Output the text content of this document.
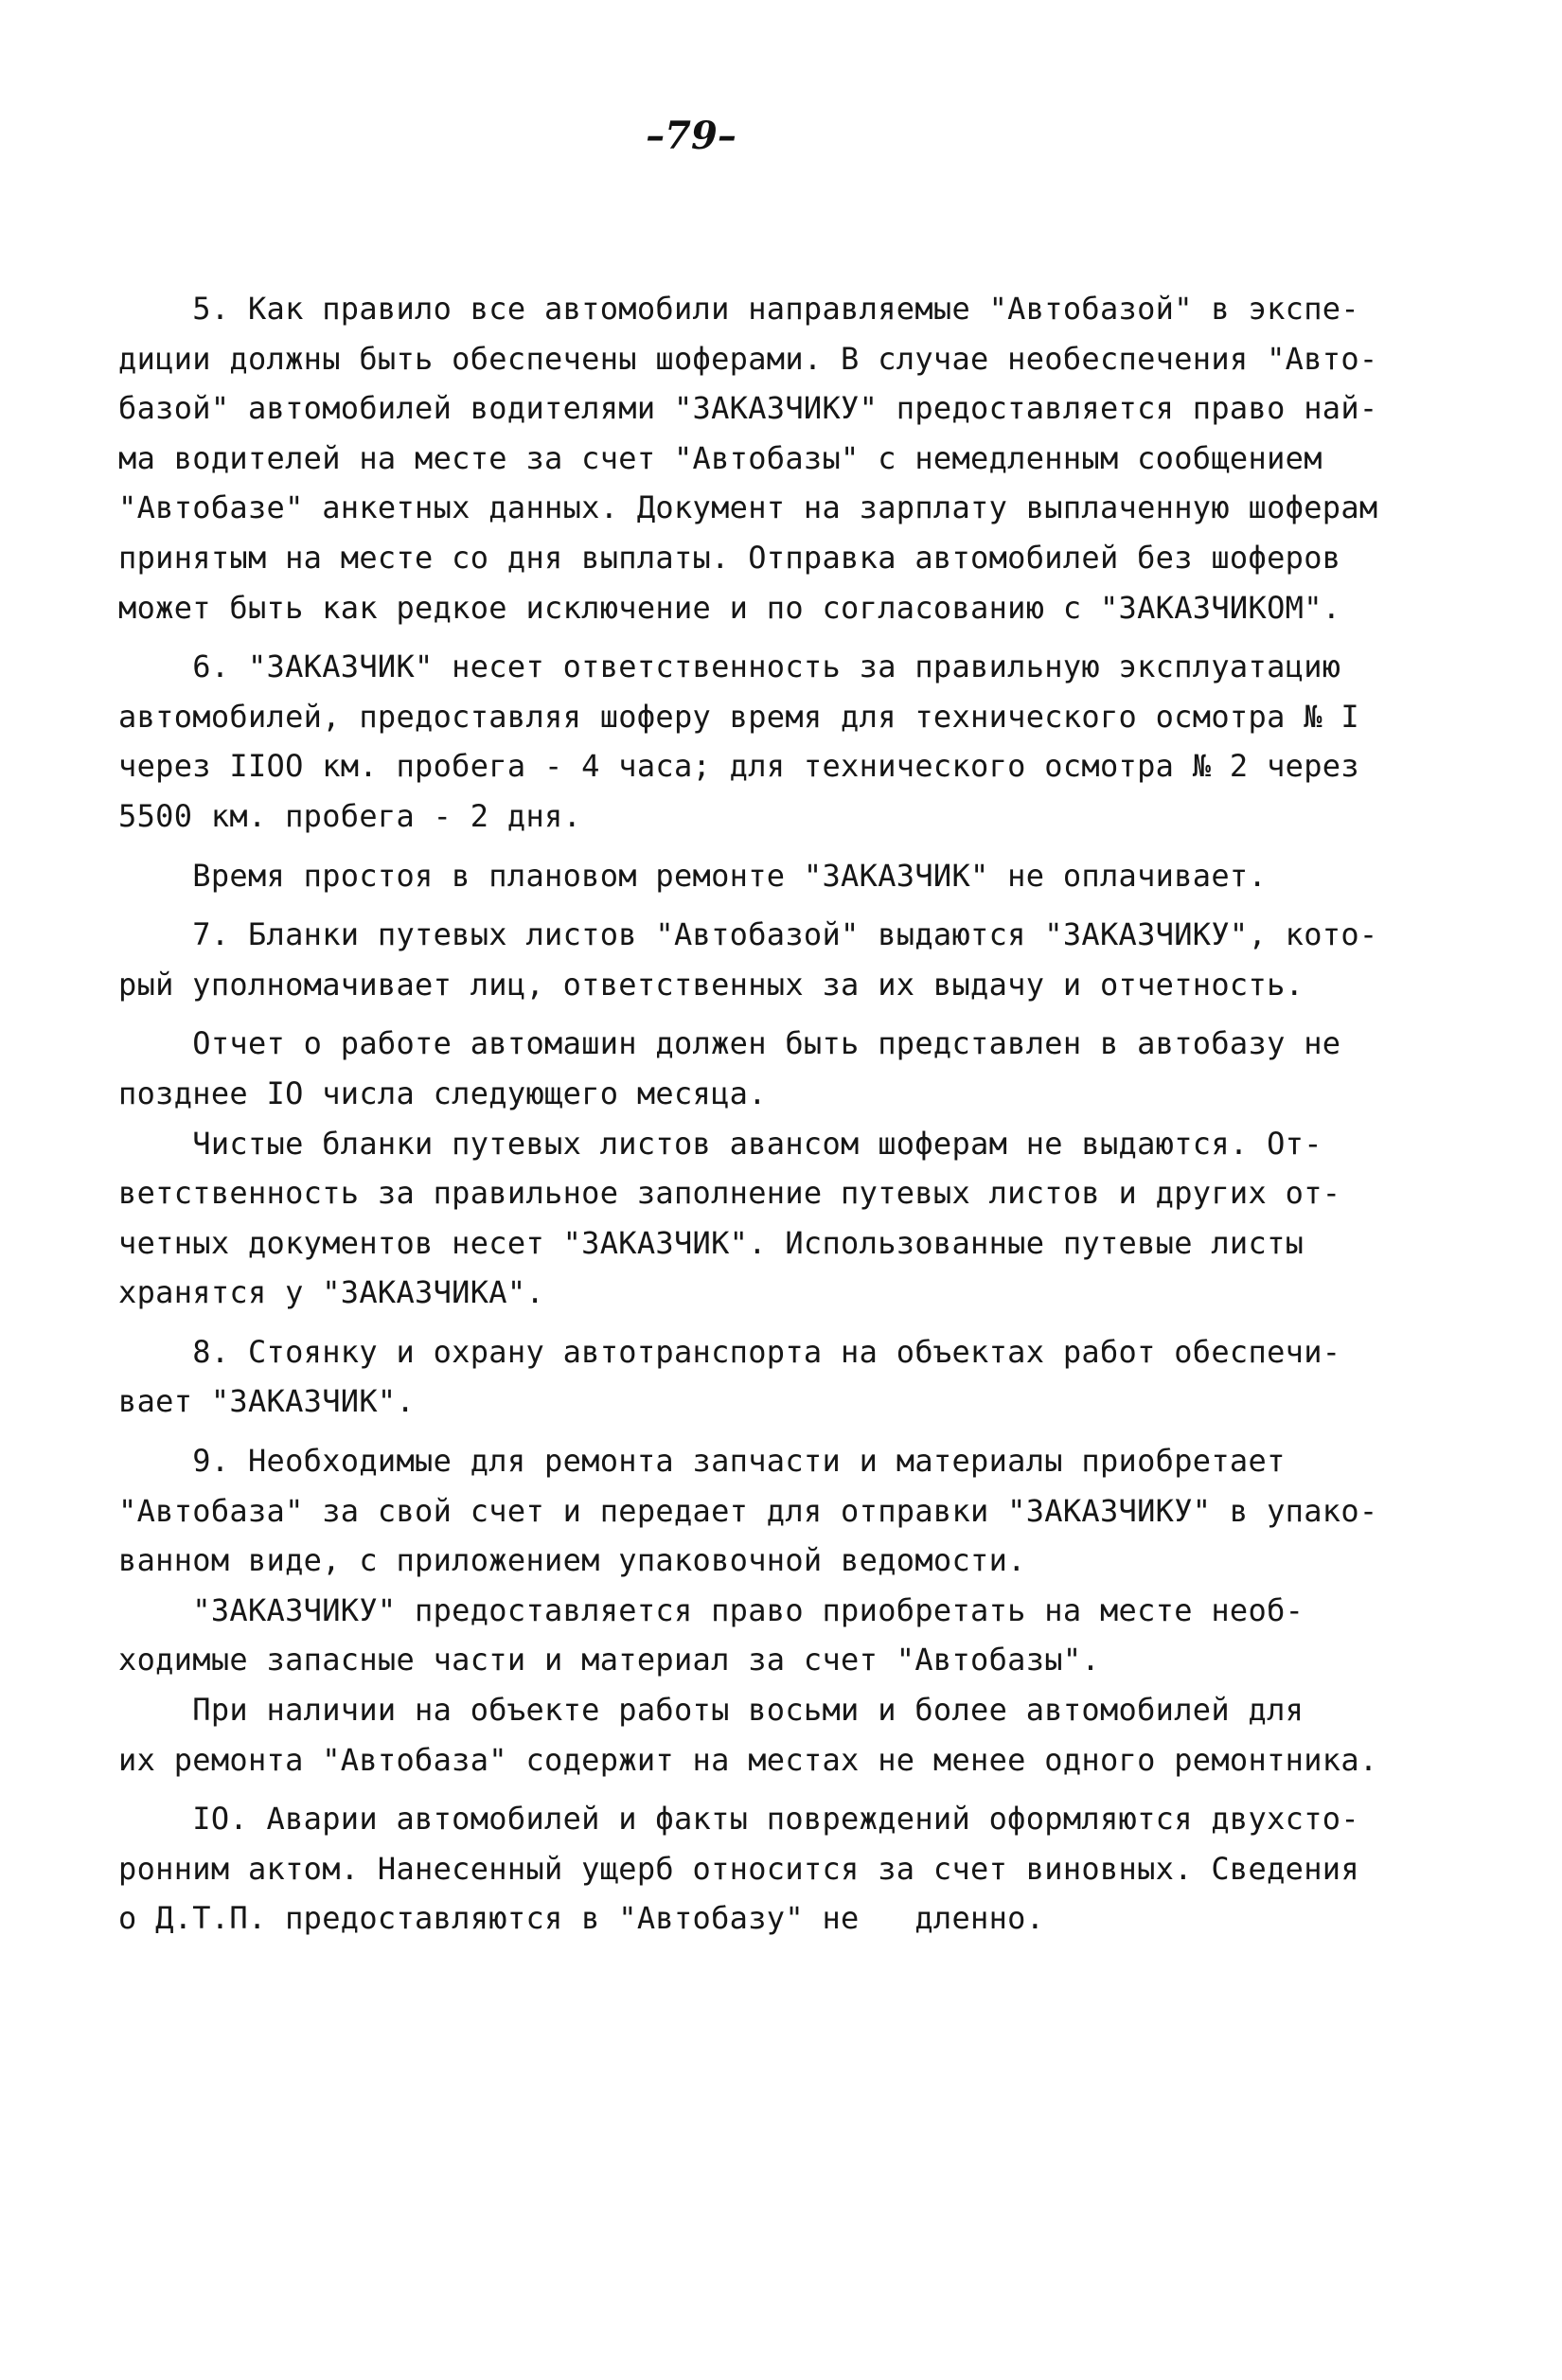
–79–
5. Как правило все автомобили направляемые "Автобазой" в экспе-
диции должны быть обеспечены шоферами. В случае необеспечения "Авто-
базой" автомобилей водителями "ЗАКАЗЧИКУ" предоставляется право най-
ма водителей на месте за счет "Автобазы" с немедленным сообщением
"Автобазе" анкетных данных. Документ на зарплату выплаченную шоферам
принятым на месте со дня выплаты. Отправка автомобилей без шоферов
может быть как редкое исключение и по согласованию с "ЗАКАЗЧИКОМ".
6. "ЗАКАЗЧИК" несет ответственность за правильную эксплуатацию
автомобилей, предоставляя шоферу время для технического осмотра № I
через IIOO км. пробега - 4 часа; для технического осмотра № 2 через
5500 км. пробега - 2 дня.
Время простоя в плановом ремонте "ЗАКАЗЧИК" не оплачивает.
7. Бланки путевых листов "Автобазой" выдаются "ЗАКАЗЧИКУ", кото-
рый уполномачивает лиц, ответственных за их выдачу и отчетность.
Отчет о работе автомашин должен быть представлен в автобазу не
позднее IO числа следующего месяца.
Чистые бланки путевых листов авансом шоферам не выдаются. От-
ветственность за правильное заполнение путевых листов и других от-
четных документов несет "ЗАКАЗЧИК". Использованные путевые листы
хранятся у "ЗАКАЗЧИКА".
8. Стоянку и охрану автотранспорта на объектах работ обеспечи-
вает "ЗАКАЗЧИК".
9. Необходимые для ремонта запчасти и материалы приобретает
"Автобаза" за свой счет и передает для отправки "ЗАКАЗЧИКУ" в упако-
ванном виде, с приложением упаковочной ведомости.
"ЗАКАЗЧИКУ" предоставляется право приобретать на месте необ-
ходимые запасные части и материал за счет "Автобазы".
При наличии на объекте работы восьми и более автомобилей для
их ремонта "Автобаза" содержит на местах не менее одного ремонтника.
IO. Аварии автомобилей и факты повреждений оформляются двухсто-
ронним актом. Нанесенный ущерб относится за счет виновных. Сведения
о Д.Т.П. предоставляются в "Автобазу" не   дленно.
